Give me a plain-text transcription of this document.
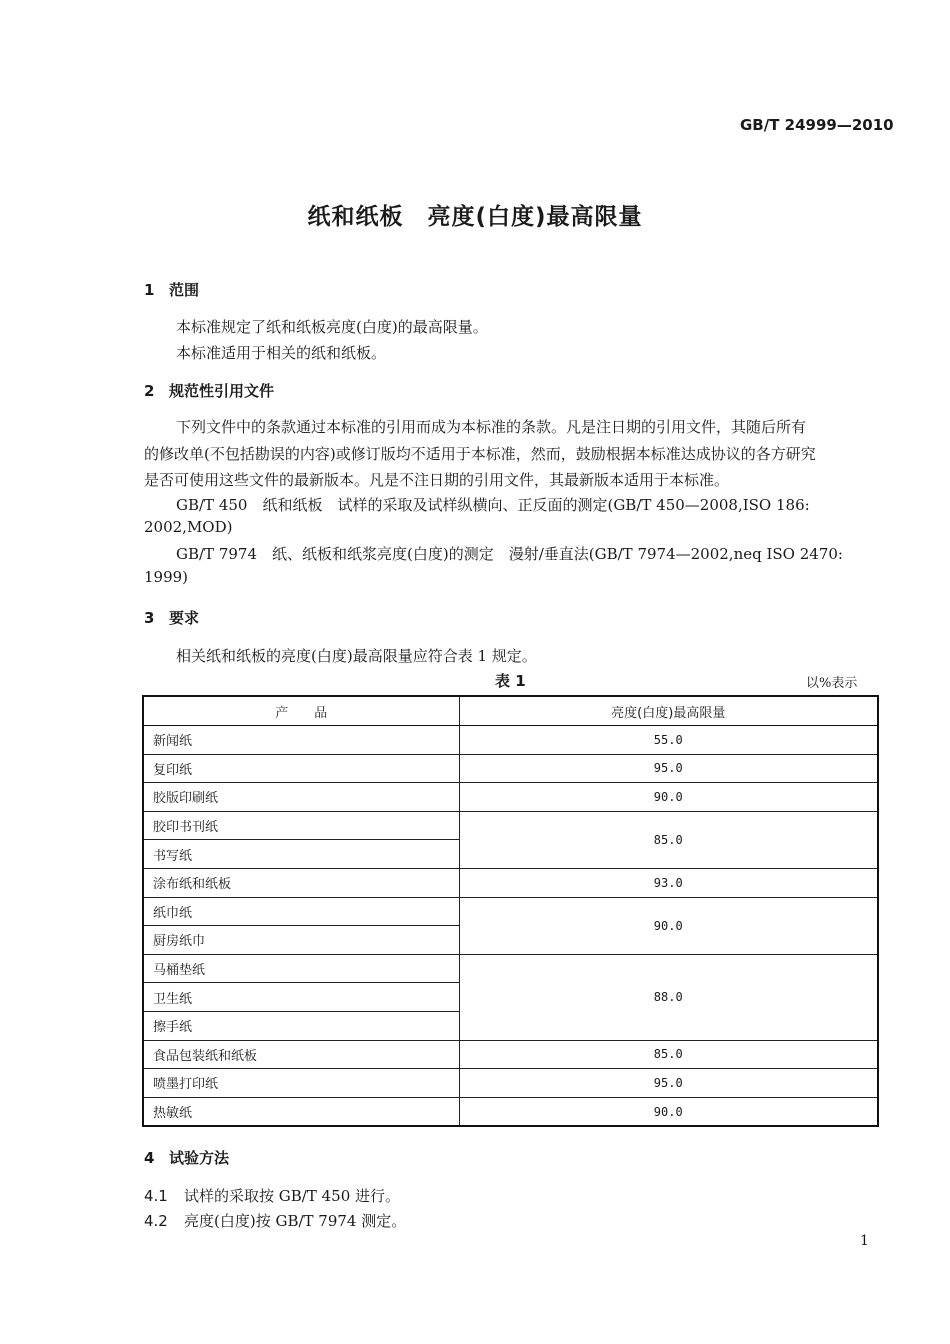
GB/T 24999—2010
纸和纸板　亮度(白度)最高限量
1 范围
本标准规定了纸和纸板亮度(白度)的最高限量。
本标准适用于相关的纸和纸板。
2 规范性引用文件
下列文件中的条款通过本标准的引用而成为本标准的条款。凡是注日期的引用文件，其随后所有
的修改单(不包括勘误的内容)或修订版均不适用于本标准，然而，鼓励根据本标准达成协议的各方研究
是否可使用这些文件的最新版本。凡是不注日期的引用文件，其最新版本适用于本标准。
GB/T 450　纸和纸板　试样的采取及试样纵横向、正反面的测定(GB/T 450—2008,ISO 186:
2002,MOD)
GB/T 7974　纸、纸板和纸浆亮度(白度)的测定　漫射/垂直法(GB/T 7974—2002,neq ISO 2470:
1999)
3 要求
相关纸和纸板的亮度(白度)最高限量应符合表 1 规定。
表 1	以%表示
产　　品	亮度(白度)最高限量
新闻纸	55.0
复印纸	95.0
胶版印刷纸	90.0
胶印书刊纸	85.0
书写纸	
涂布纸和纸板	93.0
纸巾纸	90.0
厨房纸巾	
马桶垫纸	88.0
卫生纸	
擦手纸	
食品包装纸和纸板	85.0
喷墨打印纸	95.0
热敏纸	90.0
4 试验方法
4.1 试样的采取按 GB/T 450 进行。
4.2 亮度(白度)按 GB/T 7974 测定。
1
